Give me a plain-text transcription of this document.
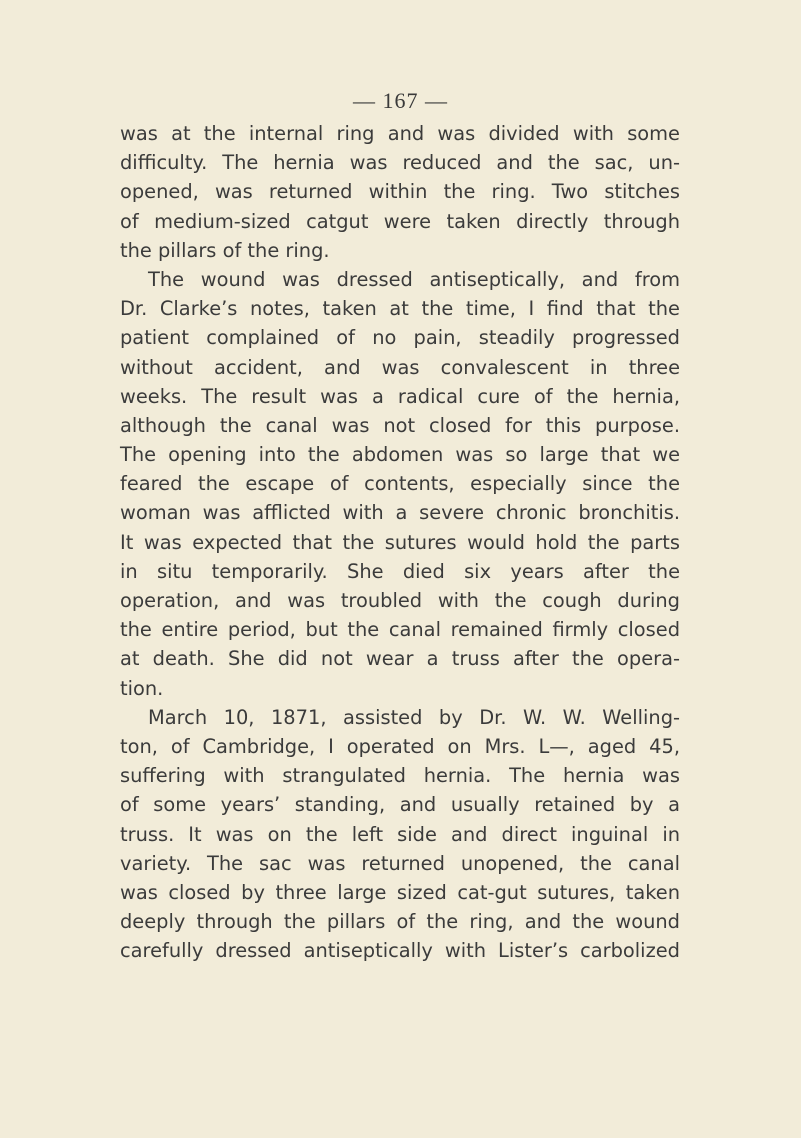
— 167 —
was at the internal ring and was divided with some
difficulty. The hernia was reduced and the sac, un-
opened, was returned within the ring. Two stitches
of medium-sized catgut were taken directly through
the pillars of the ring.
The wound was dressed antiseptically, and from
Dr. Clarke’s notes, taken at the time, I find that the
patient complained of no pain, steadily progressed
without accident, and was convalescent in three
weeks. The result was a radical cure of the hernia,
although the canal was not closed for this purpose.
The opening into the abdomen was so large that we
feared the escape of contents, especially since the
woman was afflicted with a severe chronic bronchitis.
It was expected that the sutures would hold the parts
in situ temporarily. She died six years after the
operation, and was troubled with the cough during
the entire period, but the canal remained firmly closed
at death. She did not wear a truss after the opera-
tion.
March 10, 1871, assisted by Dr. W. W. Welling-
ton, of Cambridge, I operated on Mrs. L—, aged 45,
suffering with strangulated hernia. The hernia was
of some years’ standing, and usually retained by a
truss. It was on the left side and direct inguinal in
variety. The sac was returned unopened, the canal
was closed by three large sized cat-gut sutures, taken
deeply through the pillars of the ring, and the wound
carefully dressed antiseptically with Lister’s carbolized
